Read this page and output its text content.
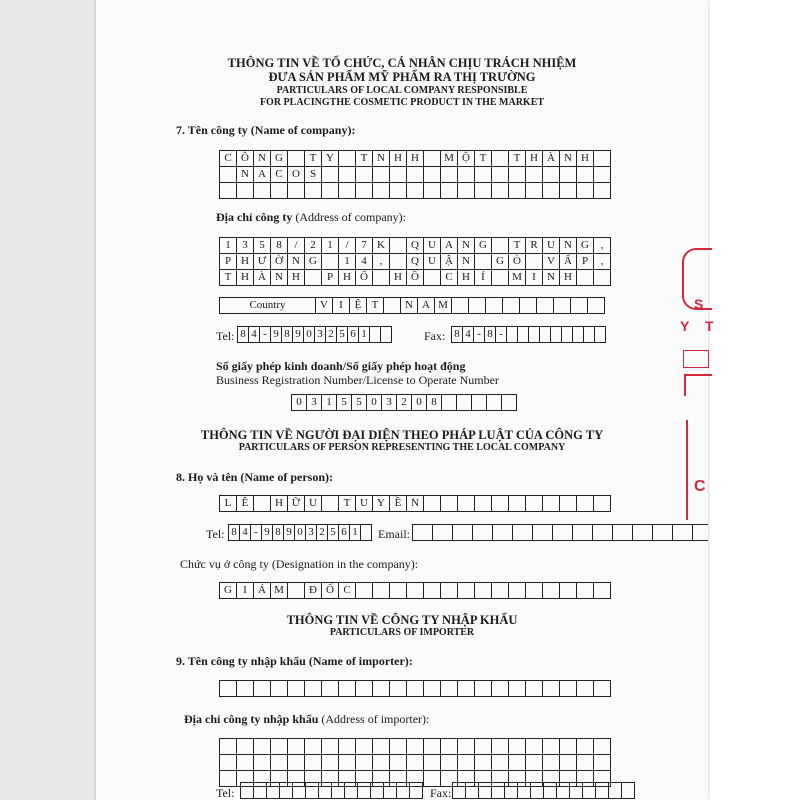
THÔNG TIN VỀ TỔ CHỨC, CÁ NHÂN CHỊU TRÁCH NHIỆM
ĐƯA SẢN PHẨM MỸ PHẨM RA THỊ TRƯỜNG
PARTICULARS OF LOCAL COMPANY RESPONSIBLE
FOR PLACINGTHE COSMETIC PRODUCT IN THE MARKET
7. Tên công ty (Name of company):
C Ô N G	T Y	T N H H	M Ộ T	T H À N H
N A C O S
Địa chỉ công ty (Address of company):
1	3	5	8	/	2	1	/	7 K	Q U A N G	T R U N G	,
P H Ư Ờ N G	1	4	,	Q U Ậ N	G Ò	V Ấ P	,
T H À N H	P H Ố	H Ồ	C H	Í	M I	N H
Country	V	I	Ệ T	N A M
Tel: 8 4 - 9 8 9 0 3 2 5 6 1	Fax: 8 4 - 8 -
Số giấy phép kinh doanh/Số giấy phép hoạt động
Business Registration Number/License to Operate Number
0 3 1 5 5 0 3 2 0 8
THÔNG TIN VỀ NGƯỜI ĐẠI DIỆN THEO PHÁP LUẬT CỦA CÔNG TY
PARTICULARS OF PERSON REPRESENTING THE LOCAL COMPANY
8. Họ và tên (Name of person):
L Ê	H Ữ U	T U Y Ề N
Tel: 8 4 - 9 8 9 0 3 2 5 6 1 Email:
Chức vụ ở công ty (Designation in the company):
G	I	Á M	Đ Ố C
THÔNG TIN VỀ CÔNG TY NHẬP KHẨU
PARTICULARS OF IMPORTER
9. Tên công ty nhập khẩu (Name of importer):
Địa chỉ công ty nhập khẩu (Address of importer):
Tel:	Fax:
S
Y T
C
